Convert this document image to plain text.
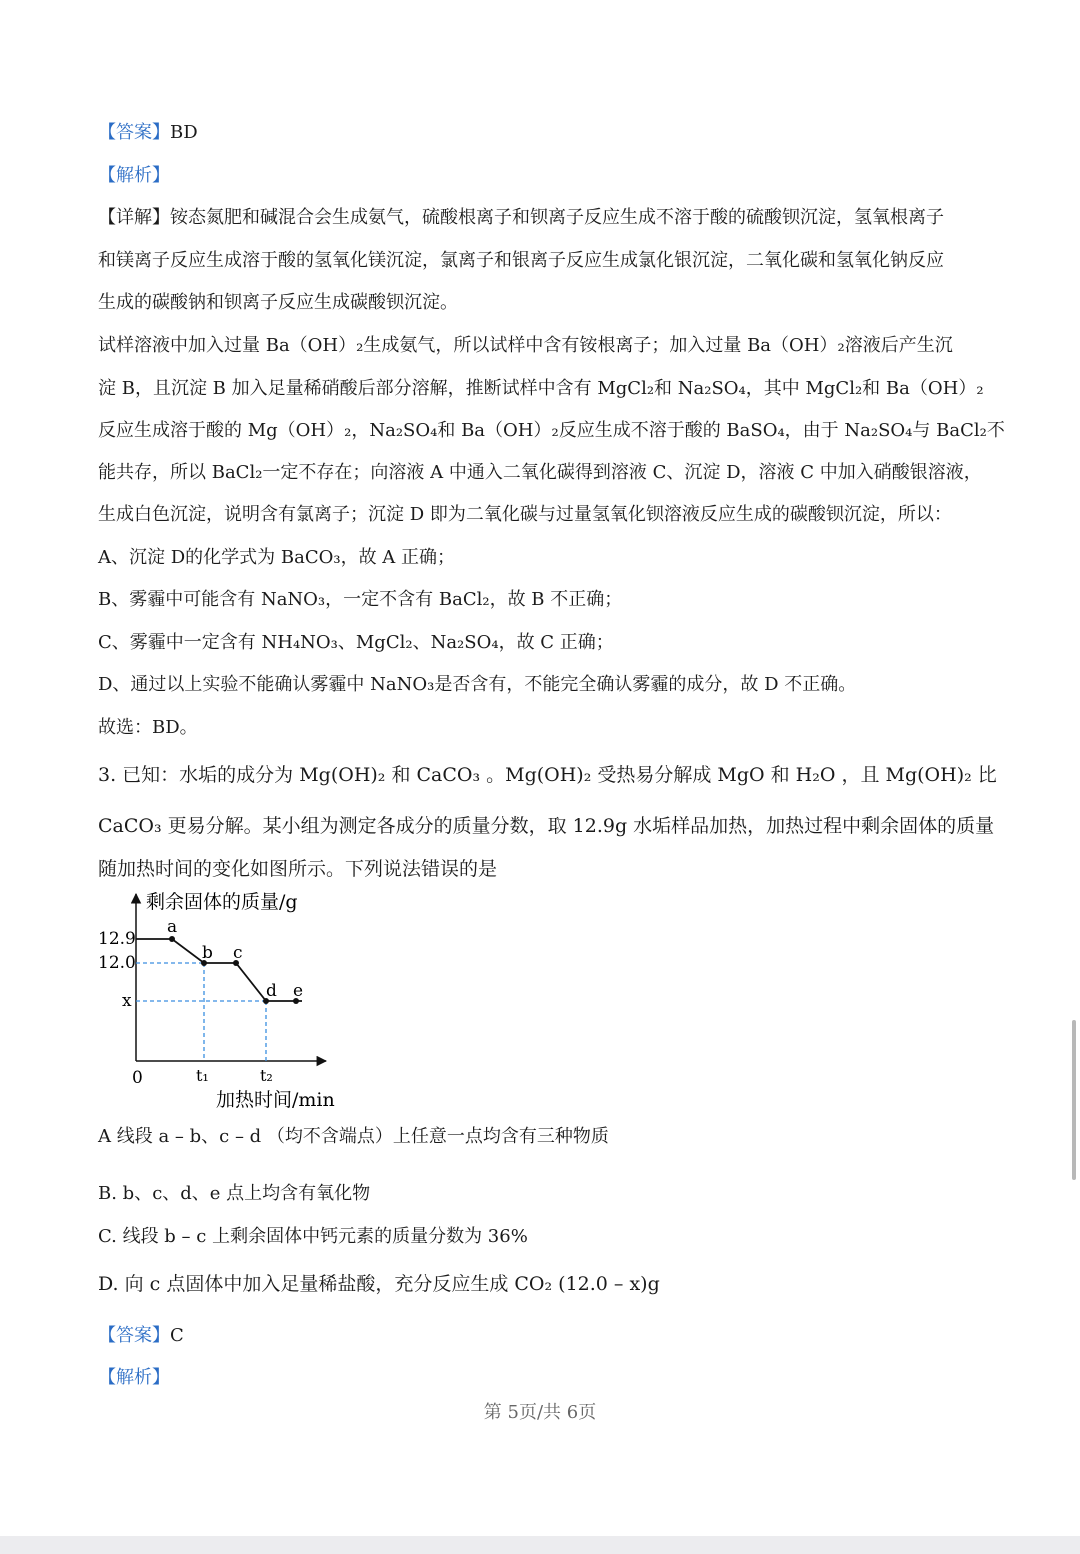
【答案】BD
【解析】
【详解】铵态氮肥和碱混合会生成氨气，硫酸根离子和钡离子反应生成不溶于酸的硫酸钡沉淀，氢氧根离子
和镁离子反应生成溶于酸的氢氧化镁沉淀，氯离子和银离子反应生成氯化银沉淀，二氧化碳和氢氧化钠反应
生成的碳酸钠和钡离子反应生成碳酸钡沉淀。
试样溶液中加入过量 Ba（OH）₂生成氨气，所以试样中含有铵根离子；加入过量 Ba（OH）₂溶液后产生沉
淀 B，且沉淀 B 加入足量稀硝酸后部分溶解，推断试样中含有 MgCl₂和 Na₂SO₄，其中 MgCl₂和 Ba（OH）₂
反应生成溶于酸的 Mg（OH）₂，Na₂SO₄和 Ba（OH）₂反应生成不溶于酸的 BaSO₄，由于 Na₂SO₄与 BaCl₂不
能共存，所以 BaCl₂一定不存在；向溶液 A 中通入二氧化碳得到溶液 C、沉淀 D，溶液 C 中加入硝酸银溶液，
生成白色沉淀，说明含有氯离子；沉淀 D 即为二氧化碳与过量氢氧化钡溶液反应生成的碳酸钡沉淀，所以：
A、沉淀 D的化学式为 BaCO₃，故 A 正确；
B、雾霾中可能含有 NaNO₃，一定不含有 BaCl₂，故 B 不正确；
C、雾霾中一定含有 NH₄NO₃、MgCl₂、Na₂SO₄，故 C 正确；
D、通过以上实验不能确认雾霾中 NaNO₃是否含有，不能完全确认雾霾的成分，故 D 不正确。
故选：BD。
3. 已知：水垢的成分为 Mg(OH)₂ 和 CaCO₃ 。Mg(OH)₂ 受热易分解成 MgO 和 H₂O ，且 Mg(OH)₂ 比
CaCO₃ 更易分解。某小组为测定各成分的质量分数，取 12.9g 水垢样品加热，加热过程中剩余固体的质量
随加热时间的变化如图所示。下列说法错误的是
剩余固体的质量/g
加热时间/min
0
12.9
12.0
x
t₁	t₂
a
b c
d e
A 线段 a – b、c – d （均不含端点）上任意一点均含有三种物质
B. b、c、d、e 点上均含有氧化物
C. 线段 b – c 上剩余固体中钙元素的质量分数为 36%
D. 向 c 点固体中加入足量稀盐酸，充分反应生成 CO₂ (12.0 – x)g
【答案】C
【解析】
第 5页/共 6页
